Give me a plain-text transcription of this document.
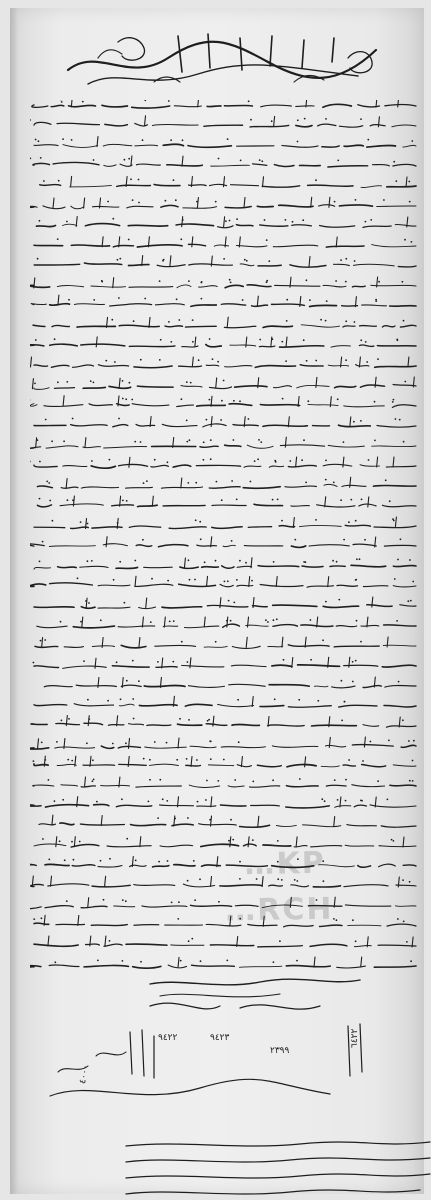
…KP
…RCH
٩٤٢٢	٩٤٢٣
٢٣٩٩
٦٤٢٢
٤٠٠٠
